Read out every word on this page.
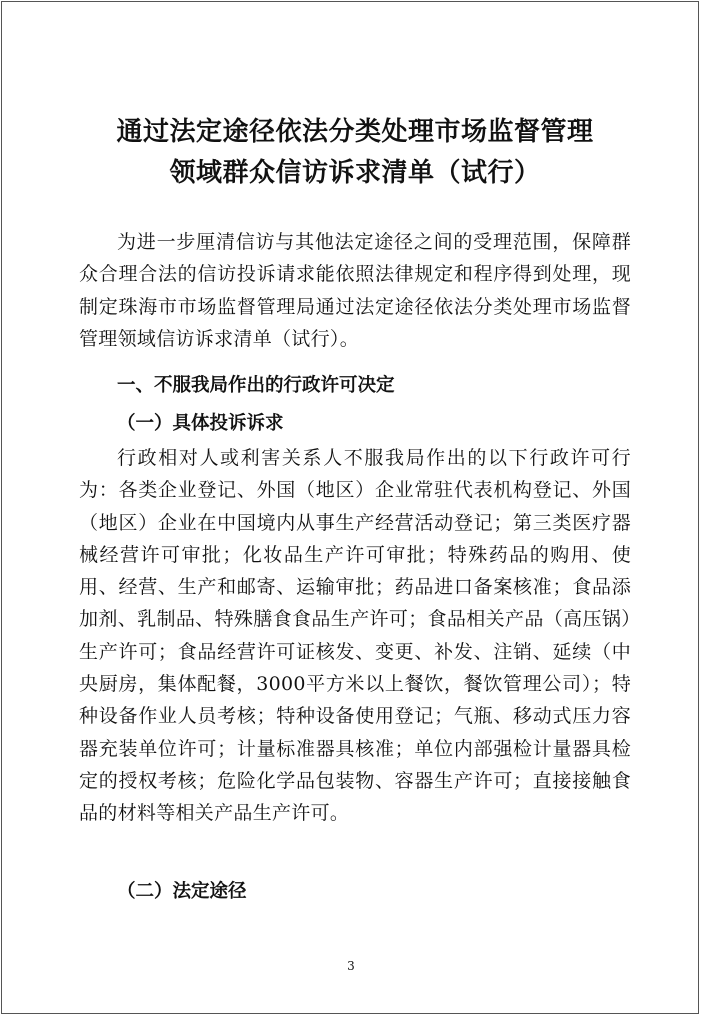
通过法定途径依法分类处理市场监督管理
领域群众信访诉求清单（试行）

为进一步厘清信访与其他法定途径之间的受理范围，保障群众合理合法的信访投诉请求能依照法律规定和程序得到处理，现制定珠海市市场监督管理局通过法定途径依法分类处理市场监督管理领域信访诉求清单（试行）。

一、不服我局作出的行政许可决定
（一）具体投诉诉求

行政相对人或利害关系人不服我局作出的以下行政许可行为：各类企业登记、外国（地区）企业常驻代表机构登记、外国（地区）企业在中国境内从事生产经营活动登记；第三类医疗器械经营许可审批；化妆品生产许可审批；特殊药品的购用、使用、经营、生产和邮寄、运输审批；药品进口备案核准；食品添加剂、乳制品、特殊膳食食品生产许可；食品相关产品（高压锅）生产许可；食品经营许可证核发、变更、补发、注销、延续（中央厨房，集体配餐，3000平方米以上餐饮，餐饮管理公司）；特种设备作业人员考核；特种设备使用登记；气瓶、移动式压力容器充装单位许可；计量标准器具核准；单位内部强检计量器具检定的授权考核；危险化学品包装物、容器生产许可；直接接触食品的材料等相关产品生产许可。

（二）法定途径
3
